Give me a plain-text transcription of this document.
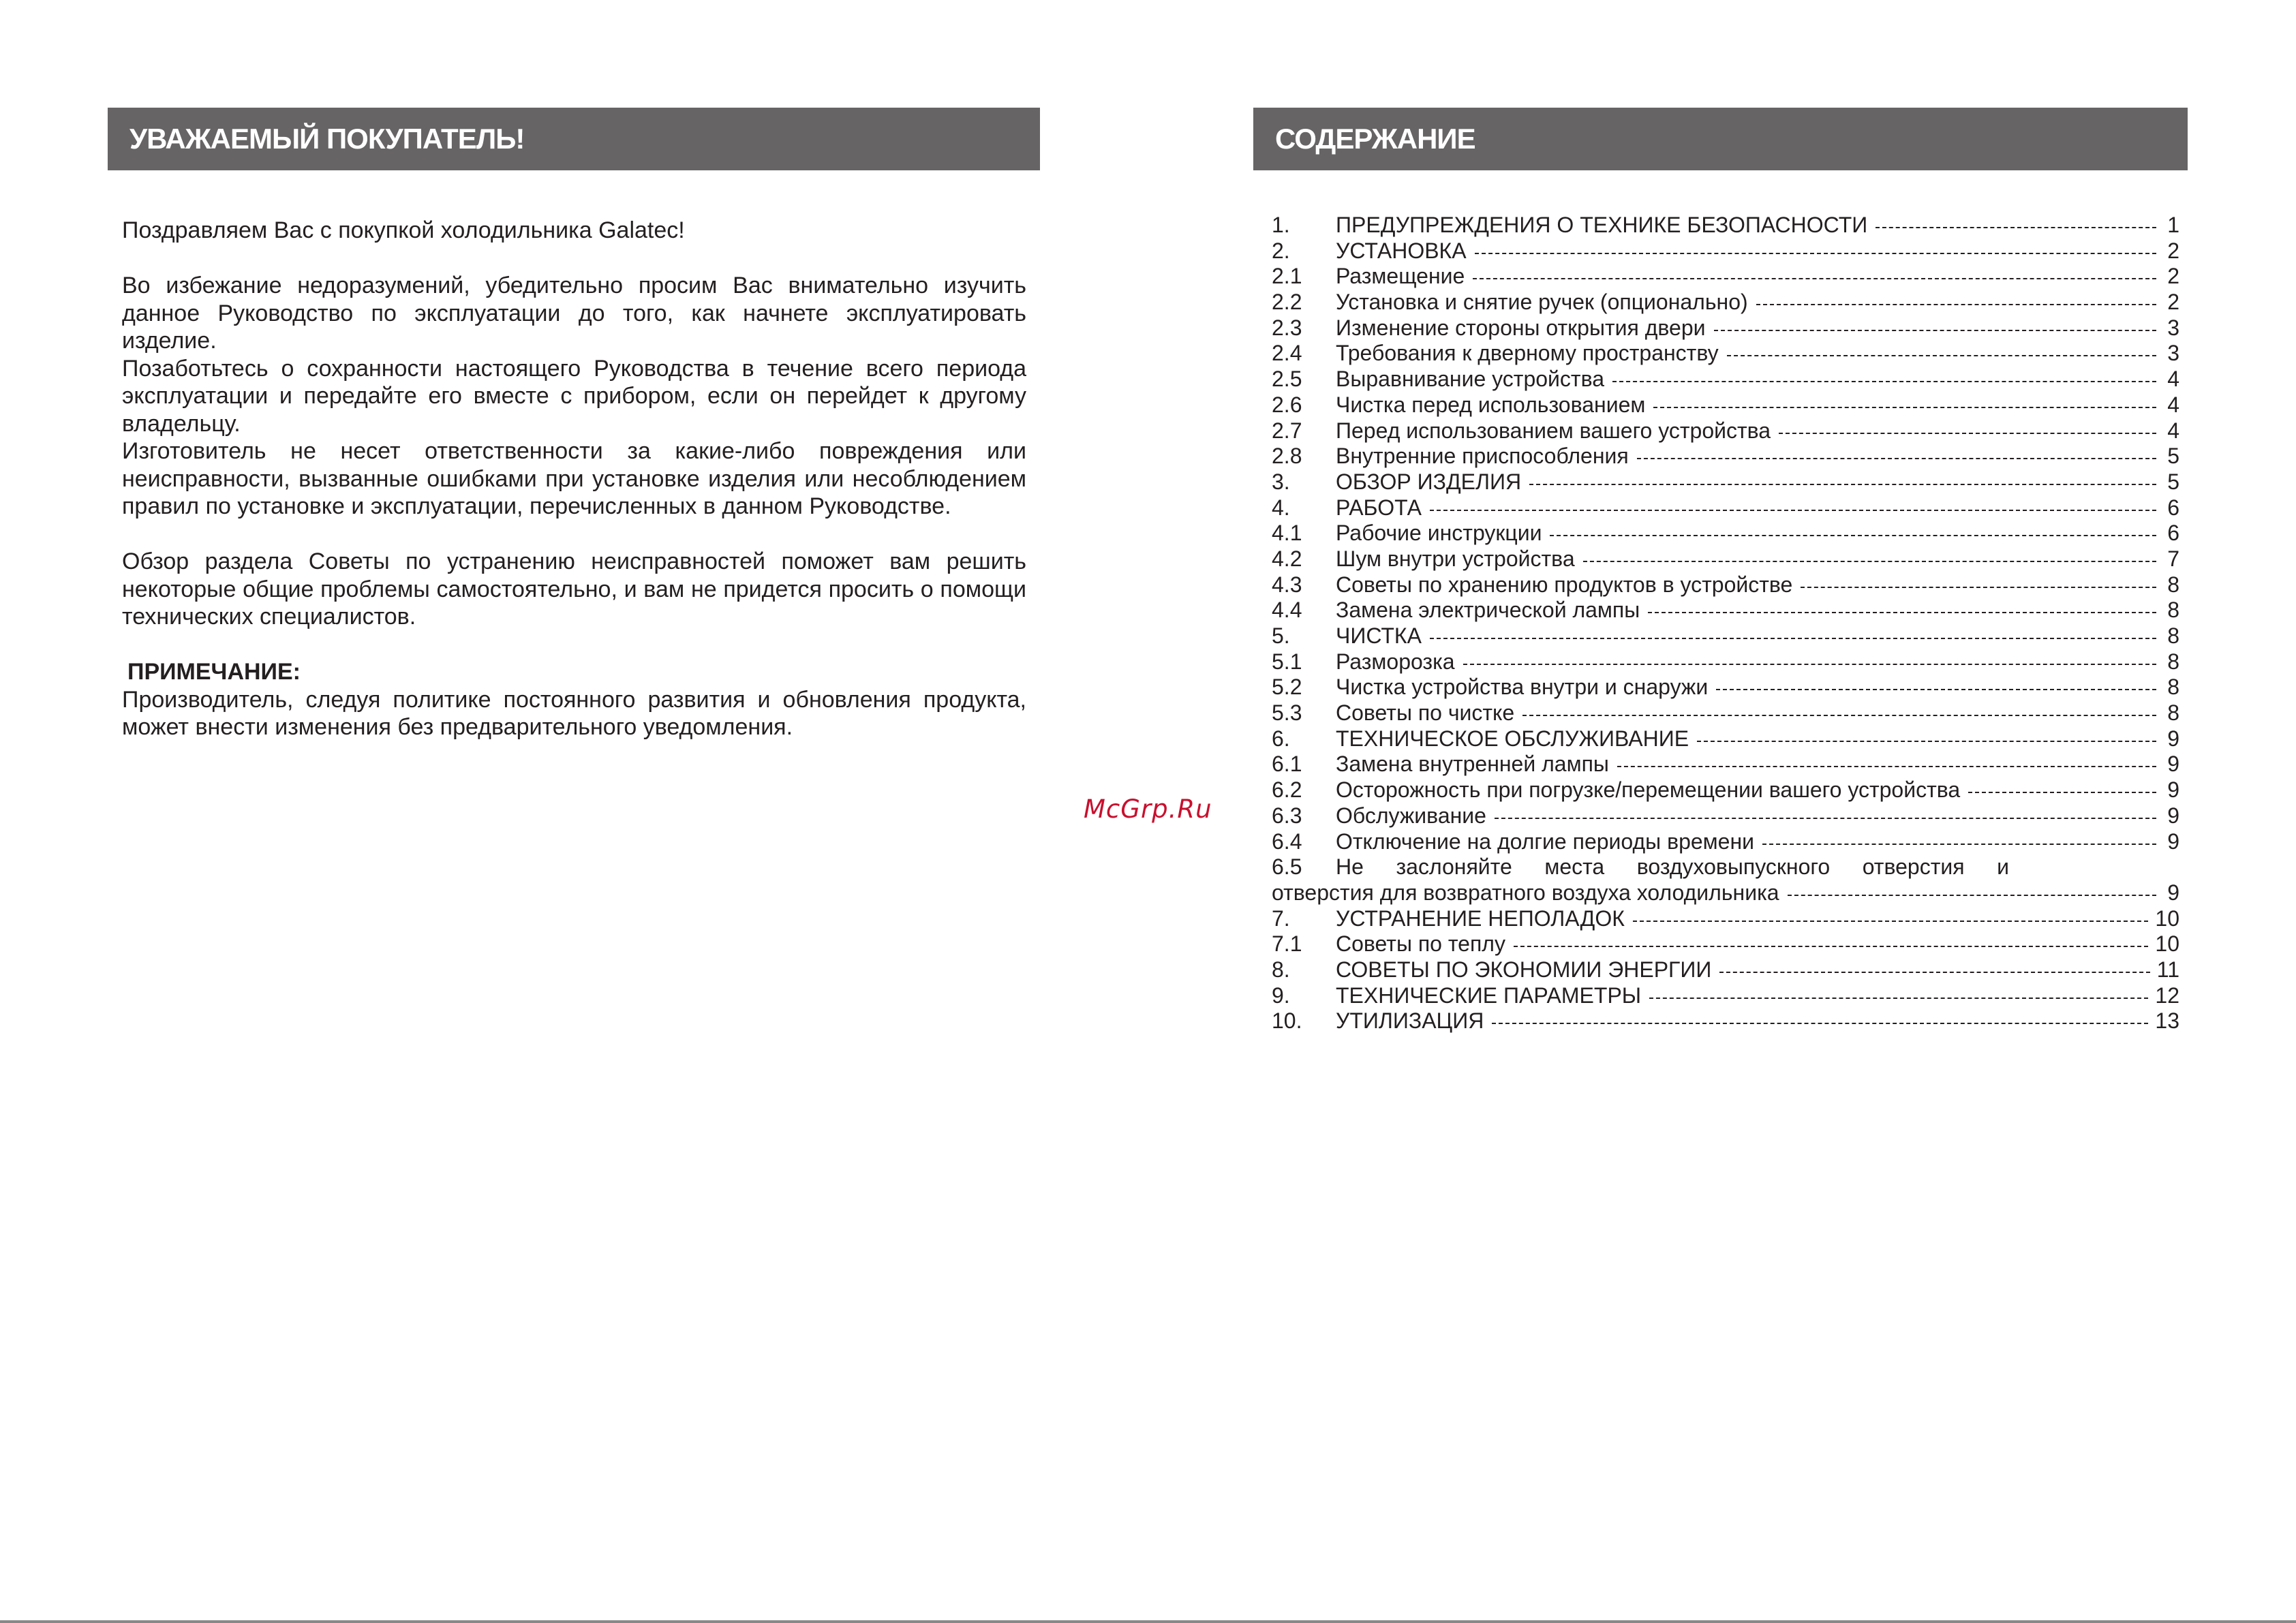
УВАЖАЕМЫЙ ПОКУПАТЕЛЬ!

Поздравляем Вас с покупкой холодильника Galatec!

Во избежание недоразумений, убедительно просим Вас внимательно изучить данное Руководство по эксплуатации до того, как начнете эксплуатировать изделие.

Позаботьтесь о сохранности настоящего Руководства в течение всего периода эксплуатации и передайте его вместе с прибором, если он перейдет к другому владельцу.

Изготовитель не несет ответственности за какие-либо повреждения или неисправности, вызванные ошибками при установке изделия или несоблюдением правил по установке и эксплуатации, перечисленных в данном Руководстве.

Обзор раздела Советы по устранению неисправностей поможет вам решить некоторые общие проблемы самостоятельно, и вам не придется просить о помощи технических специалистов.

ПРИМЕЧАНИЕ:

Производитель, следуя политике постоянного развития и обновления продукта, может внести изменения без предварительного уведомления.

McGrp.Ru
СОДЕРЖАНИЕ
1.	ПРЕДУПРЕЖДЕНИЯ О ТЕХНИКЕ БЕЗОПАСНОСТИ	1
2.	УСТАНОВКА	2
2.1	Размещение	2
2.2	Установка и снятие ручек (опционально)	2
2.3	Изменение стороны открытия двери	3
2.4	Требования к дверному пространству	3
2.5	Выравнивание устройства	4
2.6	Чистка перед использованием	4
2.7	Перед использованием вашего устройства	4
2.8	Внутренние приспособления	5
3.	ОБЗОР ИЗДЕЛИЯ	5
4.	РАБОТА	6
4.1	Рабочие инструкции	6
4.2	Шум внутри устройства	7
4.3	Советы по хранению продуктов в устройстве	8
4.4	Замена электрической лампы	8
5.	ЧИСТКА	8
5.1	Разморозка	8
5.2	Чистка устройства внутри и снаружи	8
5.3	Советы по чистке	8
6.	ТЕХНИЧЕСКОЕ ОБСЛУЖИВАНИЕ	9
6.1	Замена внутренней лампы	9
6.2	Осторожность при погрузке/перемещении вашего устройства	9
6.3	Обслуживание	9
6.4	Отключение на долгие периоды времени	9
6.5	Не заслоняйте места воздуховыпускного отверстия и
отверстия для возвратного воздуха холодильника	9
7.	УСТРАНЕНИЕ НЕПОЛАДОК	10
7.1	Советы по теплу	10
8.	СОВЕТЫ ПО ЭКОНОМИИ ЭНЕРГИИ	11
9.	ТЕХНИЧЕСКИЕ ПАРАМЕТРЫ	12
10.	УТИЛИЗАЦИЯ	13
